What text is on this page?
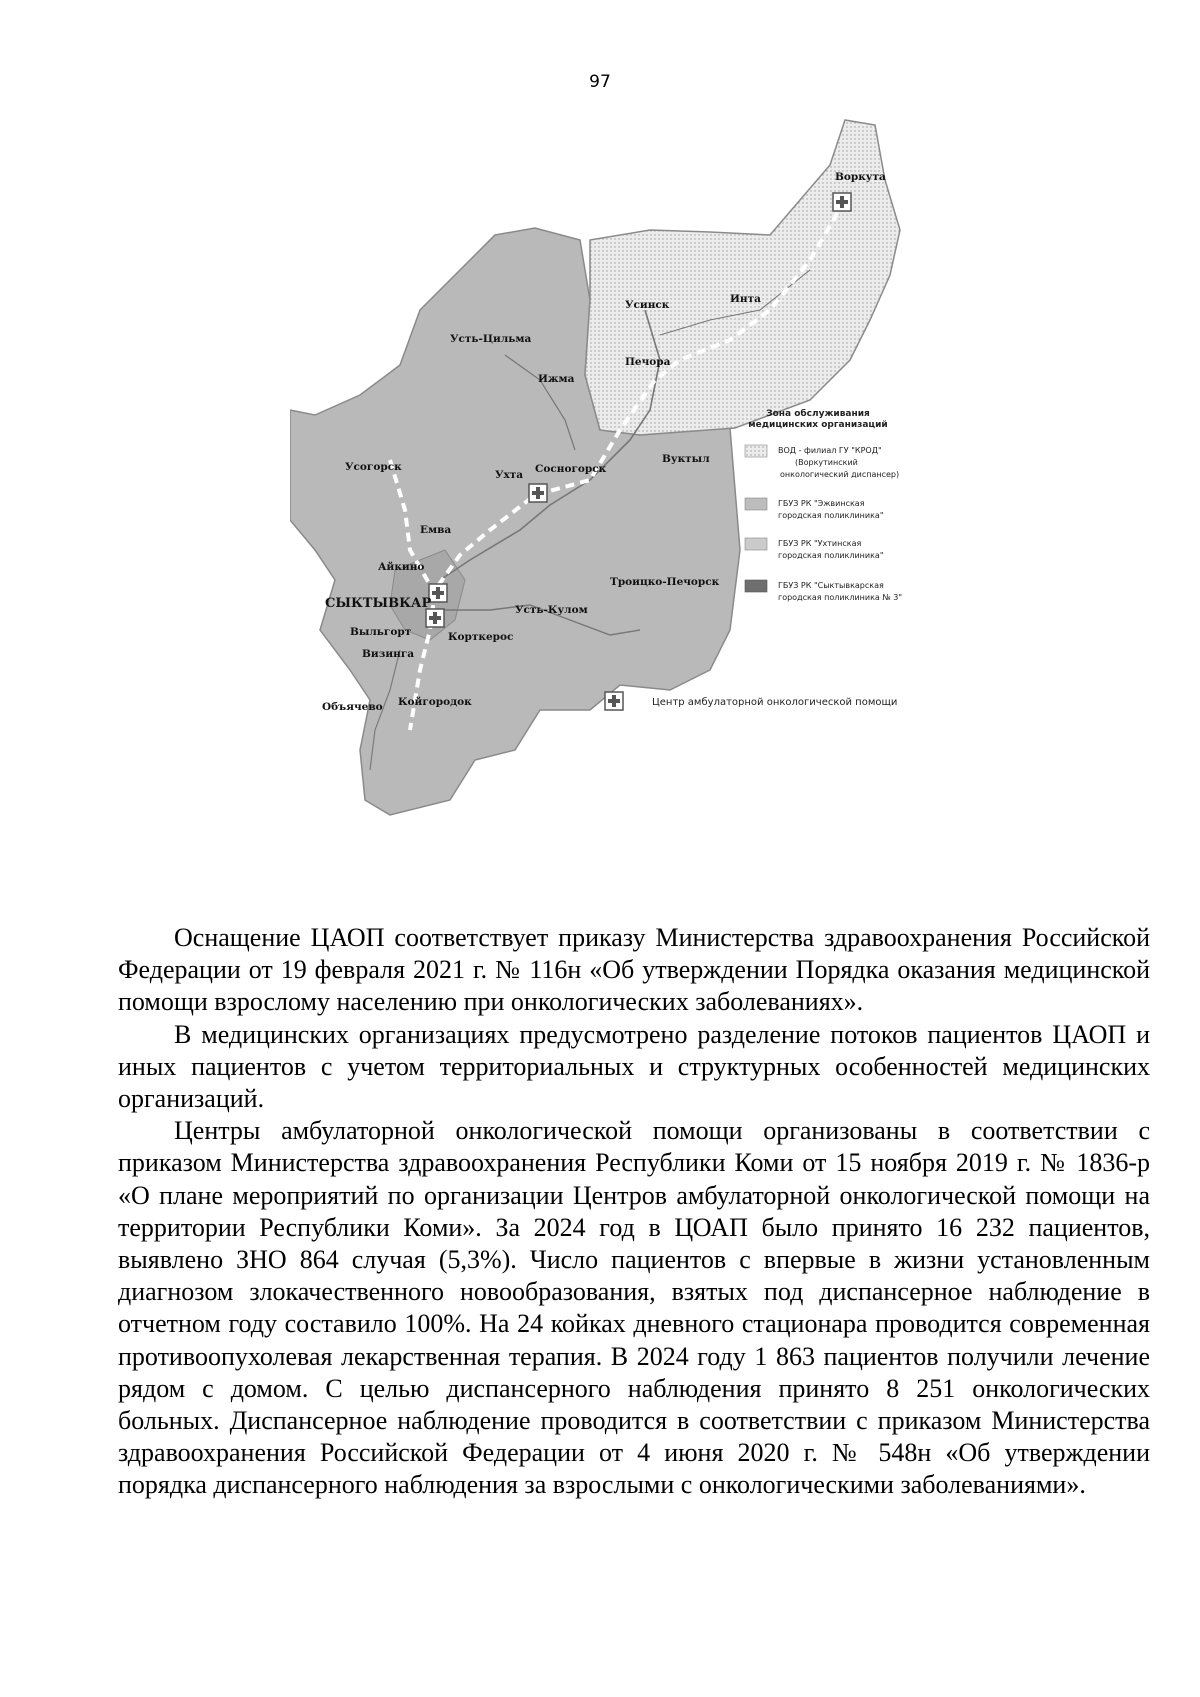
97
Воркута
Усинск	Инта
Усть-Цильма
Печора
Ижма
Усогорск
Ухта Сосногорск
Вуктыл
Емва
Айкино
СЫКТЫВКАР
Выльгорт	Корткерос
Усть-Кулом
Троицко-Печорск
Визинга
Объячево Койгородок
Зона обслуживания
медицинских организаций
ВОД - филиал ГУ "КРОД"
(Воркутинский
онкологический диспансер)
ГБУЗ РК "Эжвинская
городская поликлиника"
ГБУЗ РК "Ухтинская
городская поликлиника"
ГБУЗ РК "Сыктывкарская
городская поликлиника № 3"
Центр амбулаторной онкологической помощи

Оснащение ЦАОП соответствует приказу Министерства здравоохранения Российской Федерации от 19 февраля 2021 г. № 116н «Об утверждении Порядка оказания медицинской помощи взрослому населению при онкологических заболеваниях».

В медицинских организациях предусмотрено разделение потоков пациентов ЦАОП и иных пациентов с учетом территориальных и структурных особенностей медицинских организаций.

Центры амбулаторной онкологической помощи организованы в соответствии с приказом Министерства здравоохранения Республики Коми от 15 ноября 2019 г. № 1836-р «О плане мероприятий по организации Центров амбулаторной онкологической помощи на территории Республики Коми». За 2024 год в ЦОАП было принято 16 232 пациентов, выявлено ЗНО 864 случая (5,3%). Число пациентов с впервые в жизни установленным диагнозом злокачественного новообразования, взятых под диспансерное наблюдение в отчетном году составило 100%. На 24 койках дневного стационара проводится современная противоопухолевая лекарственная терапия. В 2024 году 1 863 пациентов получили лечение рядом с домом. С целью диспансерного наблюдения принято 8 251 онкологических больных. Диспансерное наблюдение проводится в соответствии с приказом Министерства здравоохранения Российской Федерации от 4 июня 2020 г. № 548н «Об утверждении порядка диспансерного наблюдения за взрослыми с онкологическими заболеваниями».
